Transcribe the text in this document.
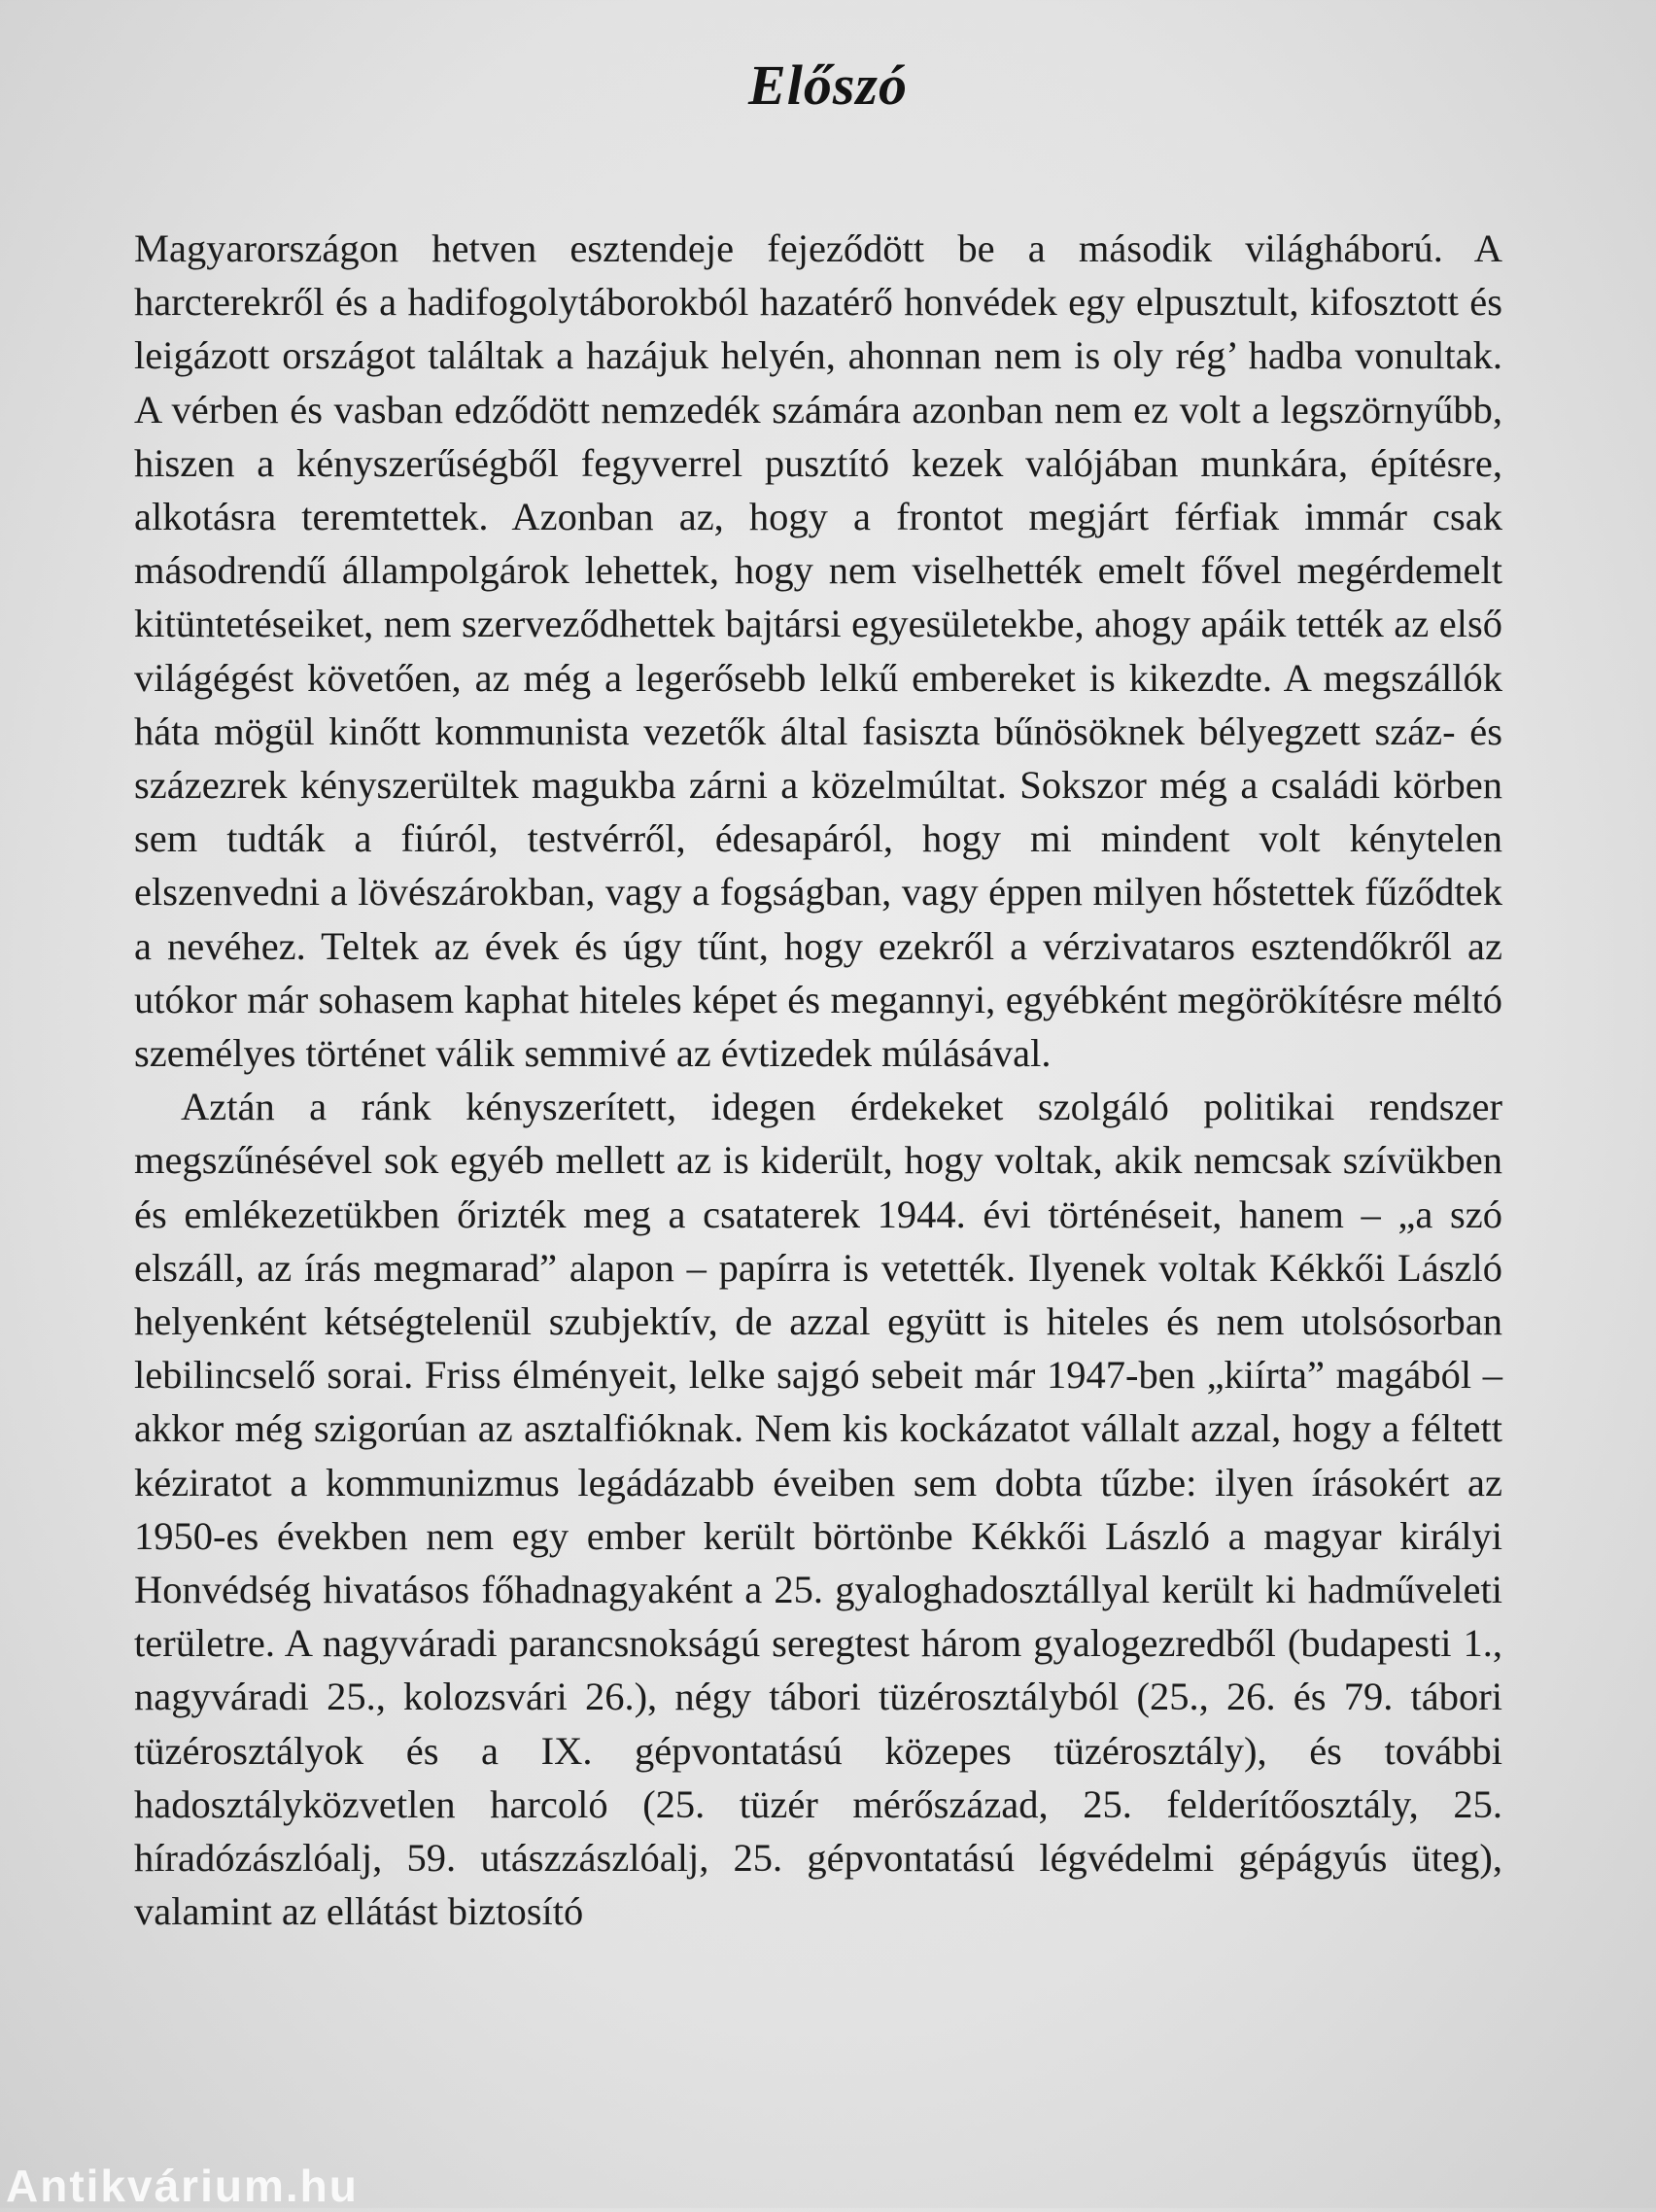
Előszó

Magyarországon hetven esztendeje fejeződött be a második világháború. A harcterekről és a hadifogolytáborokból hazatérő honvédek egy elpusztult, kifosztott és leigázott országot találtak a hazájuk helyén, ahonnan nem is oly rég’ hadba vonultak. A vérben és vasban edződött nemzedék számára azonban nem ez volt a legszörnyűbb, hiszen a kényszerűségből fegyverrel pusztító kezek valójában munkára, építésre, alkotásra teremtettek. Azonban az, hogy a frontot megjárt férfiak immár csak másodrendű állampolgárok lehettek, hogy nem viselhették emelt fővel megérdemelt kitüntetéseiket, nem szerveződhettek bajtársi egyesületekbe, ahogy apáik tették az első világégést követően, az még a legerősebb lelkű embereket is kikezdte. A megszállók háta mögül kinőtt kommunista vezetők által fasiszta bűnösöknek bélyegzett száz- és százezrek kényszerültek magukba zárni a közelmúltat. Sokszor még a családi körben sem tudták a fiúról, testvérről, édesapáról, hogy mi mindent volt kénytelen elszenvedni a lövészárokban, vagy a fogságban, vagy éppen milyen hőstettek fűződtek a nevéhez. Teltek az évek és úgy tűnt, hogy ezekről a vérzivataros esztendőkről az utókor már sohasem kaphat hiteles képet és megannyi, egyébként megörökítésre méltó személyes történet válik semmivé az évtizedek múlásával.

Aztán a ránk kényszerített, idegen érdekeket szolgáló politikai rendszer megszűnésével sok egyéb mellett az is kiderült, hogy voltak, akik nemcsak szívükben és emlékezetükben őrizték meg a csataterek 1944. évi történéseit, hanem – „a szó elszáll, az írás megmarad” alapon – papírra is vetették. Ilyenek voltak Kékkői László helyenként kétségtelenül szubjektív, de azzal együtt is hiteles és nem utolsósorban lebilincselő sorai. Friss élményeit, lelke sajgó sebeit már 1947-ben „kiírta” magából – akkor még szigorúan az asztalfióknak. Nem kis kockázatot vállalt azzal, hogy a féltett kéziratot a kommunizmus legádázabb éveiben sem dobta tűzbe: ilyen írásokért az 1950-es években nem egy ember került börtönbe Kékkői László a magyar királyi Honvédség hivatásos főhadnagyaként a 25. gyaloghadosztállyal került ki hadműveleti területre. A nagyváradi parancsnokságú seregtest három gyalogezredből (budapesti 1., nagyváradi 25., kolozsvári 26.), négy tábori tüzérosztályból (25., 26. és 79. tábori tüzérosztályok és a IX. gépvontatású közepes tüzérosztály), és további hadosztályközvetlen harcoló (25. tüzér mérőszázad, 25. felderítőosztály, 25. híradózászlóalj, 59. utászzászlóalj, 25. gépvontatású légvédelmi gépágyús üteg), valamint az ellátást biztosító

Antikvárium.hu
